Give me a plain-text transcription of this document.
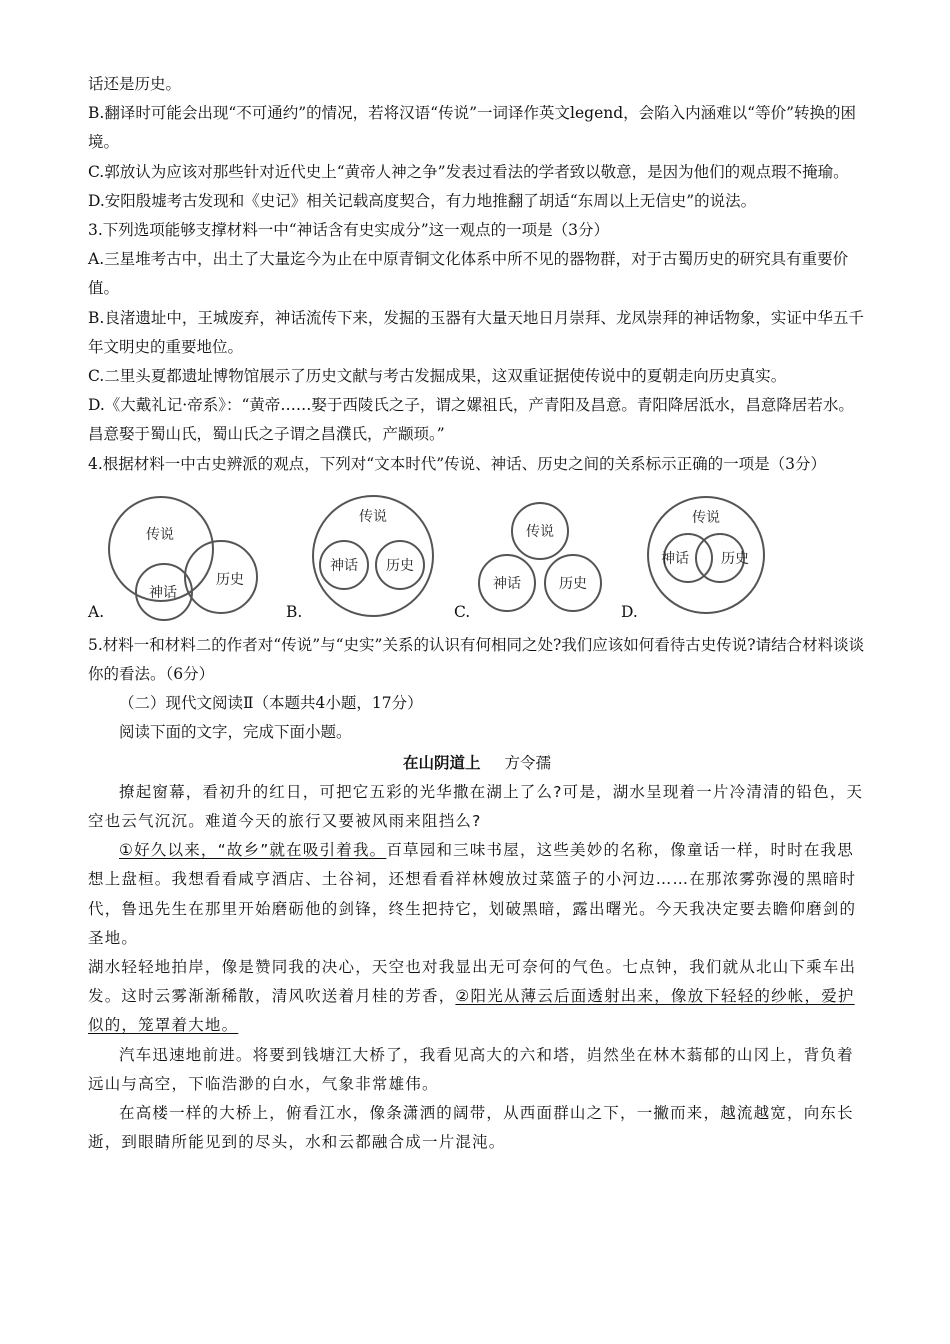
话还是历史。

B.翻译时可能会出现“不可通约”的情况，若将汉语“传说”一词译作英文legend，会陷入内涵难以“等价”转换的困境。

C.郭放认为应该对那些针对近代史上“黄帝人神之争”发表过看法的学者致以敬意，是因为他们的观点瑕不掩瑜。

D.安阳殷墟考古发现和《史记》相关记载高度契合，有力地推翻了胡适“东周以上无信史”的说法。

3.下列选项能够支撑材料一中“神话含有史实成分”这一观点的一项是（3分）

A.三星堆考古中，出土了大量迄今为止在中原青铜文化体系中所不见的器物群，对于古蜀历史的研究具有重要价值。

B.良渚遗址中，王城废弃，神话流传下来，发掘的玉器有大量天地日月崇拜、龙凤崇拜的神话物象，实证中华五千年文明史的重要地位。

C.二里头夏都遗址博物馆展示了历史文献与考古发掘成果，这双重证据使传说中的夏朝走向历史真实。

D.《大戴礼记·帝系》：“黄帝……娶于西陵氏之子，谓之嫘祖氏，产青阳及昌意。青阳降居泜水，昌意降居若水。昌意娶于蜀山氏，蜀山氏之子谓之昌濮氏，产颛顼。”

4.根据材料一中古史辨派的观点，下列对“文本时代”传说、神话、历史之间的关系标示正确的一项是（3分）

传说
神话
历史
传说
神话 历史
传说
神话	历史
传说
神话 历史
A.	B.	C.	D.

5.材料一和材料二的作者对“传说”与“史实”关系的认识有何相同之处?我们应该如何看待古史传说?请结合材料谈谈你的看法。（6分）

（二）现代文阅读Ⅱ（本题共4小题，17分）

阅读下面的文字，完成下面小题。

在山阴道上 方令孺

撩起窗幕，看初升的红日，可把它五彩的光华撒在湖上了么?可是，湖水呈现着一片冷清清的铅色，天空也云气沉沉。难道今天的旅行又要被风雨来阻挡么?

①好久以来，“故乡”就在吸引着我。百草园和三味书屋，这些美妙的名称，像童话一样，时时在我思想上盘桓。我想看看咸亨酒店、土谷祠，还想看看祥林嫂放过菜篮子的小河边……在那浓雾弥漫的黑暗时代，鲁迅先生在那里开始磨砺他的剑锋，终生把持它，划破黑暗，露出曙光。今天我决定要去瞻仰磨剑的圣地。

湖水轻轻地拍岸，像是赞同我的决心，天空也对我显出无可奈何的气色。七点钟，我们就从北山下乘车出发。这时云雾渐渐稀散，清风吹送着月桂的芳香，②阳光从薄云后面透射出来，像放下轻轻的纱帐，爱护似的，笼罩着大地。

汽车迅速地前进。将要到钱塘江大桥了，我看见高大的六和塔，岿然坐在林木蓊郁的山冈上，背负着远山与高空，下临浩渺的白水，气象非常雄伟。

在高楼一样的大桥上，俯看江水，像条潇洒的阔带，从西面群山之下，一撇而来，越流越宽，向东长逝，到眼睛所能见到的尽头，水和云都融合成一片混沌。
